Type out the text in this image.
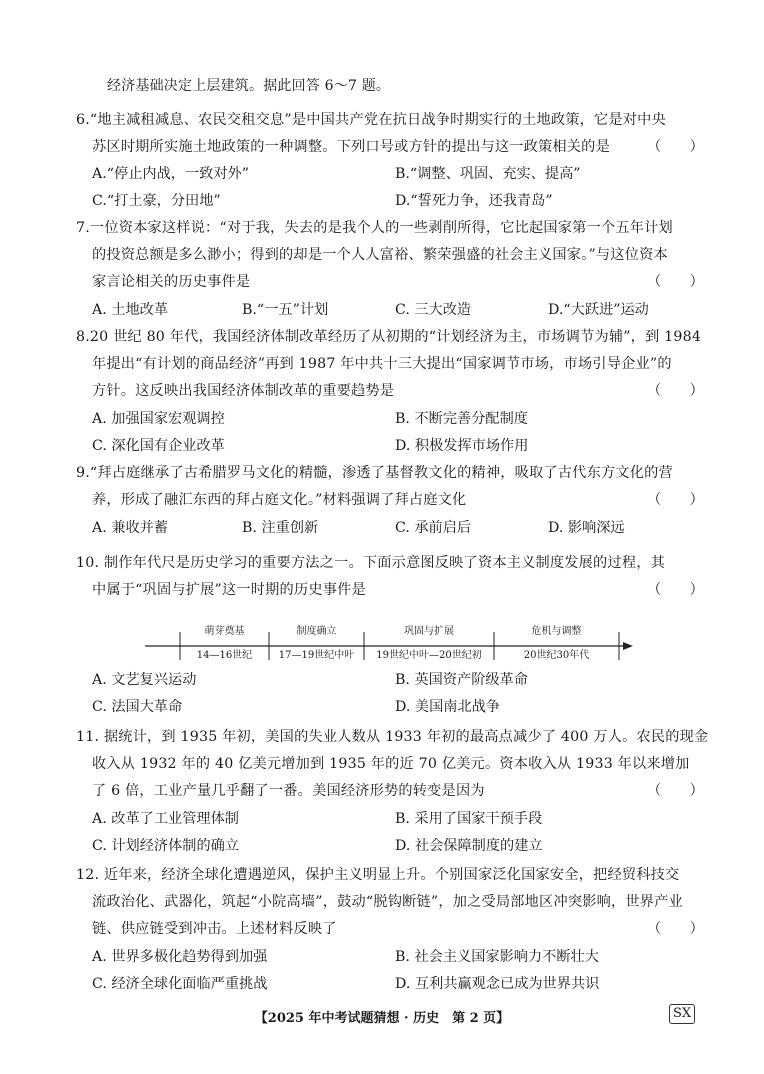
经济基础决定上层建筑。据此回答 6～7 题。
6.“地主减租减息、农民交租交息”是中国共产党在抗日战争时期实行的土地政策，它是对中央
苏区时期所实施土地政策的一种调整。下列口号或方针的提出与这一政策相关的是	（　　）
A.“停止内战，一致对外”	B.“调整、巩固、充实、提高”
C.“打土豪，分田地”	D.“誓死力争，还我青岛”
7.一位资本家这样说：“对于我，失去的是我个人的一些剥削所得，它比起国家第一个五年计划
的投资总额是多么渺小；得到的却是一个人人富裕、繁荣强盛的社会主义国家。”与这位资本
家言论相关的历史事件是	（　　）
A. 土地改革	B.“一五”计划	C. 三大改造	D.“大跃进”运动
8.20 世纪 80 年代，我国经济体制改革经历了从初期的“计划经济为主，市场调节为辅”，到 1984
年提出“有计划的商品经济”再到 1987 年中共十三大提出“国家调节市场，市场引导企业”的
方针。这反映出我国经济体制改革的重要趋势是	（　　）
A. 加强国家宏观调控	B. 不断完善分配制度
C. 深化国有企业改革	D. 积极发挥市场作用
9.“拜占庭继承了古希腊罗马文化的精髓，渗透了基督教文化的精神，吸取了古代东方文化的营
养，形成了融汇东西的拜占庭文化。”材料强调了拜占庭文化	（　　）
A. 兼收并蓄	B. 注重创新	C. 承前启后	D. 影响深远
10. 制作年代尺是历史学习的重要方法之一。下面示意图反映了资本主义制度发展的过程，其
中属于“巩固与扩展”这一时期的历史事件是	（　　）
萌芽奠基	制度确立	巩固与扩展	危机与调整
14—16世纪	17—19世纪中叶	19世纪中叶—20世纪初	20世纪30年代
A. 文艺复兴运动	B. 英国资产阶级革命
C. 法国大革命	D. 美国南北战争
11. 据统计，到 1935 年初，美国的失业人数从 1933 年初的最高点减少了 400 万人。农民的现金
收入从 1932 年的 40 亿美元增加到 1935 年的近 70 亿美元。资本收入从 1933 年以来增加
了 6 倍，工业产量几乎翻了一番。美国经济形势的转变是因为	（　　）
A. 改革了工业管理体制	B. 采用了国家干预手段
C. 计划经济体制的确立	D. 社会保障制度的建立
12. 近年来，经济全球化遭遇逆风，保护主义明显上升。个别国家泛化国家安全，把经贸科技交
流政治化、武器化，筑起“小院高墙”，鼓动“脱钩断链”，加之受局部地区冲突影响，世界产业
链、供应链受到冲击。上述材料反映了	（　　）
A. 世界多极化趋势得到加强	B. 社会主义国家影响力不断壮大
C. 经济全球化面临严重挑战	D. 互利共赢观念已成为世界共识
【2025 年中考试题猜想 · 历史　第 2 页】	SX
